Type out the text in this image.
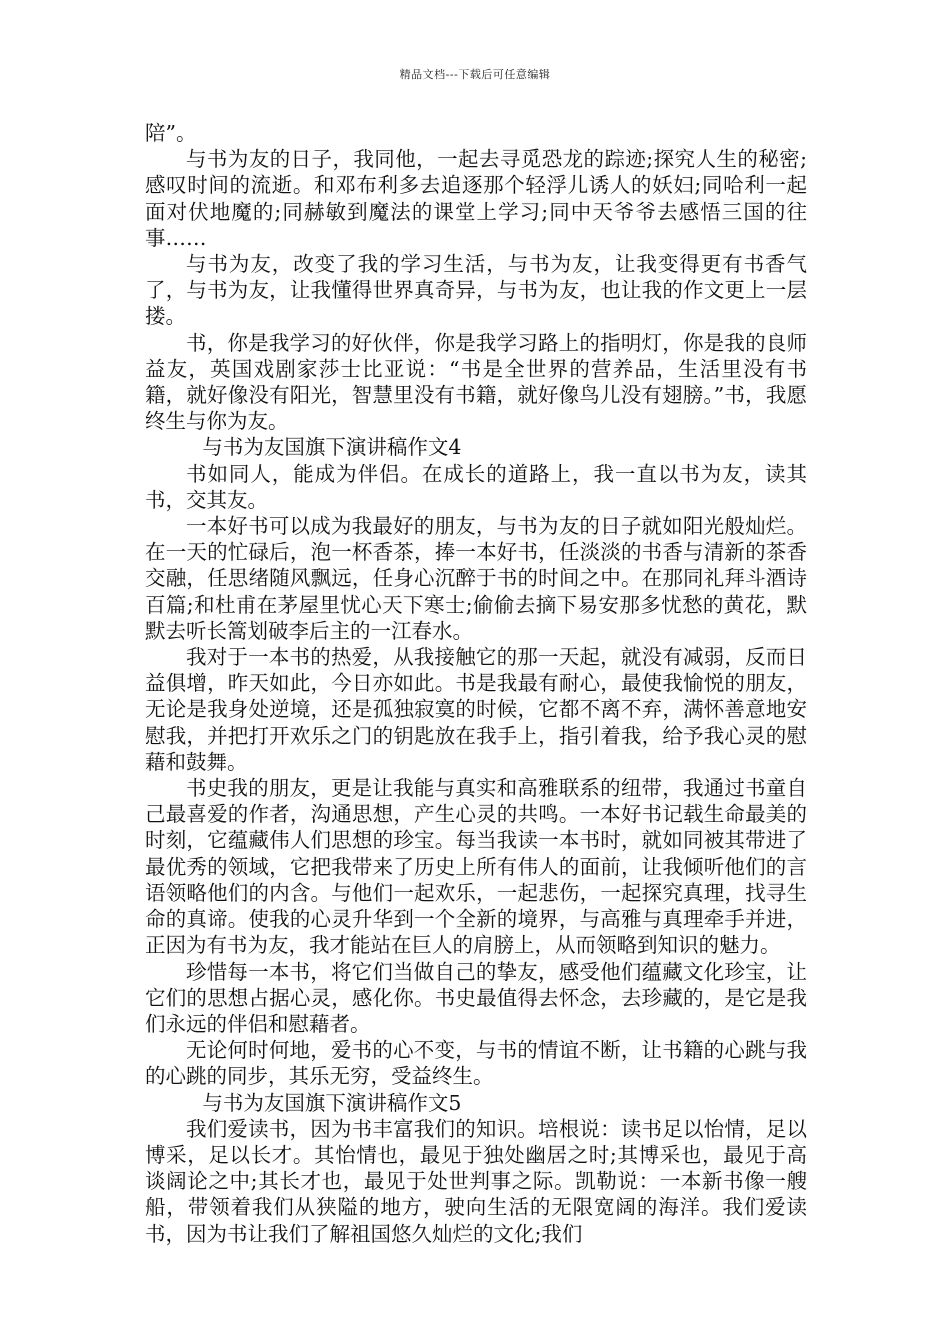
精品文档---下载后可任意编辑

陪”。

与书为友的日子，我同他，一起去寻觅恐龙的踪迹;探究人生的秘密;感叹时间的流逝。和邓布利多去追逐那个轻浮儿诱人的妖妇;同哈利一起面对伏地魔的;同赫敏到魔法的课堂上学习;同中天爷爷去感悟三国的往事……

与书为友，改变了我的学习生活，与书为友，让我变得更有书香气了，与书为友，让我懂得世界真奇异，与书为友，也让我的作文更上一层搂。

书，你是我学习的好伙伴，你是我学习路上的指明灯，你是我的良师益友，英国戏剧家莎士比亚说：“书是全世界的营养品，生活里没有书籍，就好像没有阳光，智慧里没有书籍，就好像鸟儿没有翅膀。”书，我愿终生与你为友。

与书为友国旗下演讲稿作文4

书如同人，能成为伴侣。在成长的道路上，我一直以书为友，读其书，交其友。

一本好书可以成为我最好的朋友，与书为友的日子就如阳光般灿烂。在一天的忙碌后，泡一杯香茶，捧一本好书，任淡淡的书香与清新的茶香交融，任思绪随风飘远，任身心沉醉于书的时间之中。在那同礼拜斗酒诗百篇;和杜甫在茅屋里忧心天下寒士;偷偷去摘下易安那多忧愁的黄花，默默去听长篙划破李后主的一江春水。

我对于一本书的热爱，从我接触它的那一天起，就没有减弱，反而日益俱增，昨天如此，今日亦如此。书是我最有耐心，最使我愉悦的朋友，无论是我身处逆境，还是孤独寂寞的时候，它都不离不弃，满怀善意地安慰我，并把打开欢乐之门的钥匙放在我手上，指引着我，给予我心灵的慰藉和鼓舞。

书史我的朋友，更是让我能与真实和高雅联系的纽带，我通过书童自己最喜爱的作者，沟通思想，产生心灵的共鸣。一本好书记载生命最美的时刻，它蕴藏伟人们思想的珍宝。每当我读一本书时，就如同被其带进了最优秀的领域，它把我带来了历史上所有伟人的面前，让我倾听他们的言语领略他们的内含。与他们一起欢乐，一起悲伤，一起探究真理，找寻生命的真谛。使我的心灵升华到一个全新的境界，与高雅与真理牵手并进，正因为有书为友，我才能站在巨人的肩膀上，从而领略到知识的魅力。

珍惜每一本书，将它们当做自己的挚友，感受他们蕴藏文化珍宝，让它们的思想占据心灵，感化你。书史最值得去怀念，去珍藏的，是它是我们永远的伴侣和慰藉者。

无论何时何地，爱书的心不变，与书的情谊不断，让书籍的心跳与我的心跳的同步，其乐无穷，受益终生。

与书为友国旗下演讲稿作文5

我们爱读书，因为书丰富我们的知识。培根说：读书足以怡情，足以博采，足以长才。其怡情也，最见于独处幽居之时;其博采也，最见于高谈阔论之中;其长才也，最见于处世判事之际。凯勒说：一本新书像一艘船，带领着我们从狭隘的地方，驶向生活的无限宽阔的海洋。我们爱读书，因为书让我们了解祖国悠久灿烂的文化;我们
